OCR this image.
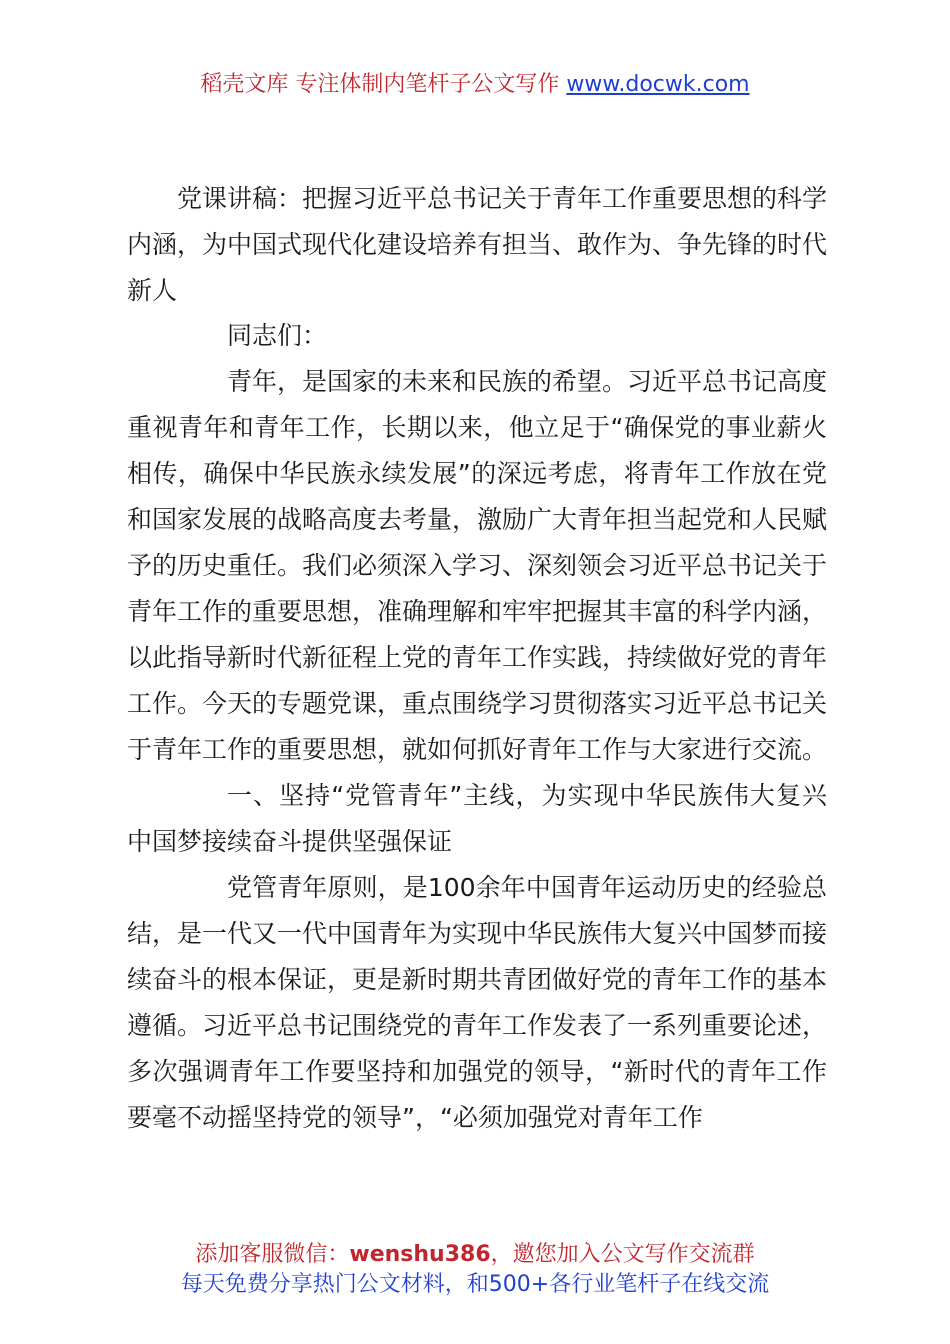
稻壳文库 专注体制内笔杆子公文写作 www.docwk.com
党课讲稿：把握习近平总书记关于青年工作重要思想的科学内涵，为中国式现代化建设培养有担当、敢作为、争先锋的时代新人

同志们：

青年，是国家的未来和民族的希望。习近平总书记高度重视青年和青年工作，长期以来，他立足于“确保党的事业薪火相传，确保中华民族永续发展”的深远考虑，将青年工作放在党和国家发展的战略高度去考量，激励广大青年担当起党和人民赋予的历史重任。我们必须深入学习、深刻领会习近平总书记关于青年工作的重要思想，准确理解和牢牢把握其丰富的科学内涵，以此指导新时代新征程上党的青年工作实践，持续做好党的青年工作。今天的专题党课，重点围绕学习贯彻落实习近平总书记关于青年工作的重要思想，就如何抓好青年工作与大家进行交流。

一、坚持“党管青年”主线，为实现中华民族伟大复兴中国梦接续奋斗提供坚强保证

党管青年原则，是100余年中国青年运动历史的经验总结，是一代又一代中国青年为实现中华民族伟大复兴中国梦而接续奋斗的根本保证，更是新时期共青团做好党的青年工作的基本遵循。习近平总书记围绕党的青年工作发表了一系列重要论述，多次强调青年工作要坚持和加强党的领导，“新时代的青年工作要毫不动摇坚持党的领导”，“必须加强党对青年工作

添加客服微信：wenshu386，邀您加入公文写作交流群
每天免费分享热门公文材料，和500+各行业笔杆子在线交流
